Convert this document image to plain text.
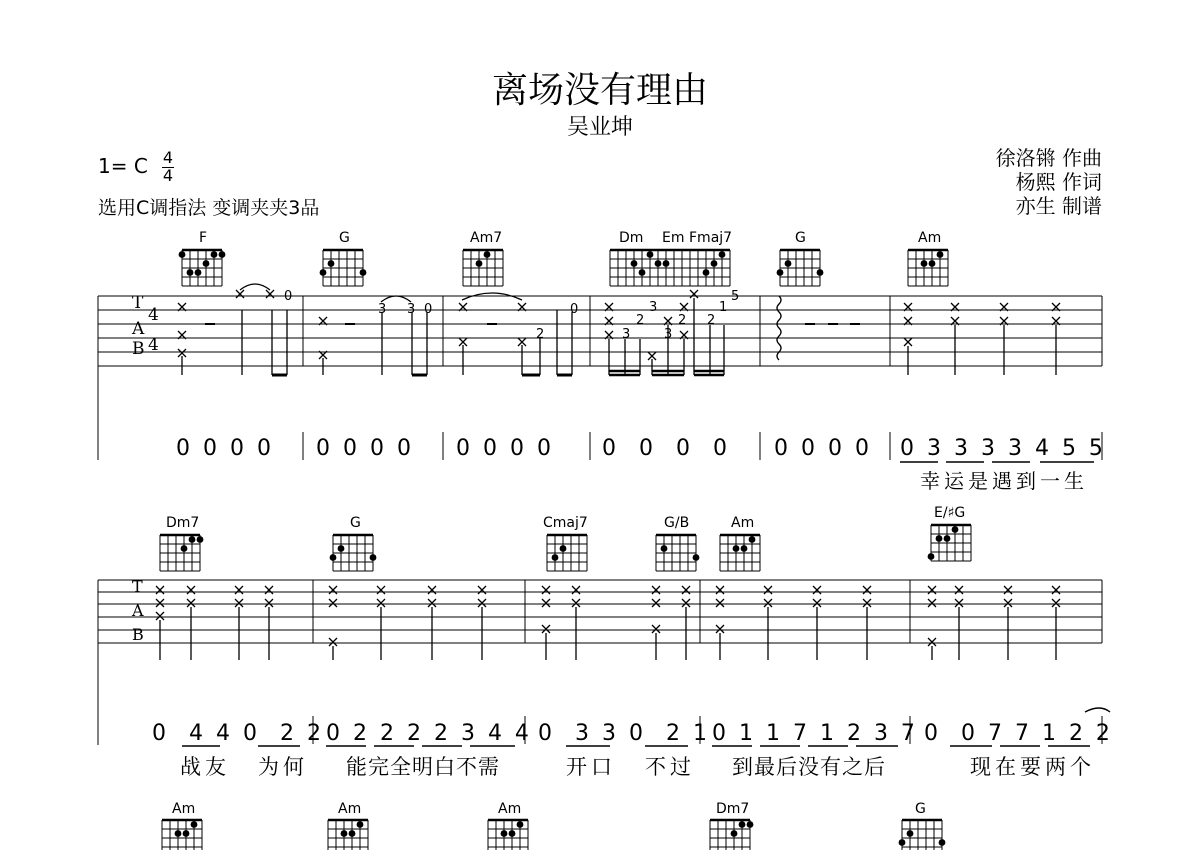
离场没有理由
吴业坤
1= C 4
4
选用C调指法 变调夹夹3品
徐洛锵 作曲
杨熙 作词
亦生 制谱
T
A
B
4
4
0
3 3 0
2
0
3
2
3
3
2 2
1
5
0 0 0 0 0 0 0 0 0 0 0 0 0  0  0  0 0 0 0 0 0 3 3 3 3 4 5 5
幸运是遇到一生
F	G	Am7	Dm Em Fmaj7	G	Am
T
A
B
0  4 4 0  2 2 0 2 2 2 2 3 4 4 0  3 3 0  2 1 0 1 1 7 1 2 3 7 0  0 7 7 1 2 2
战友 为何 能完全明白不需	开口 不过 到最后没有之后	现在要两个
Dm7	G	Cmaj7	G/B	Am
E/♯G
Am	Am	Am	Dm7	G
